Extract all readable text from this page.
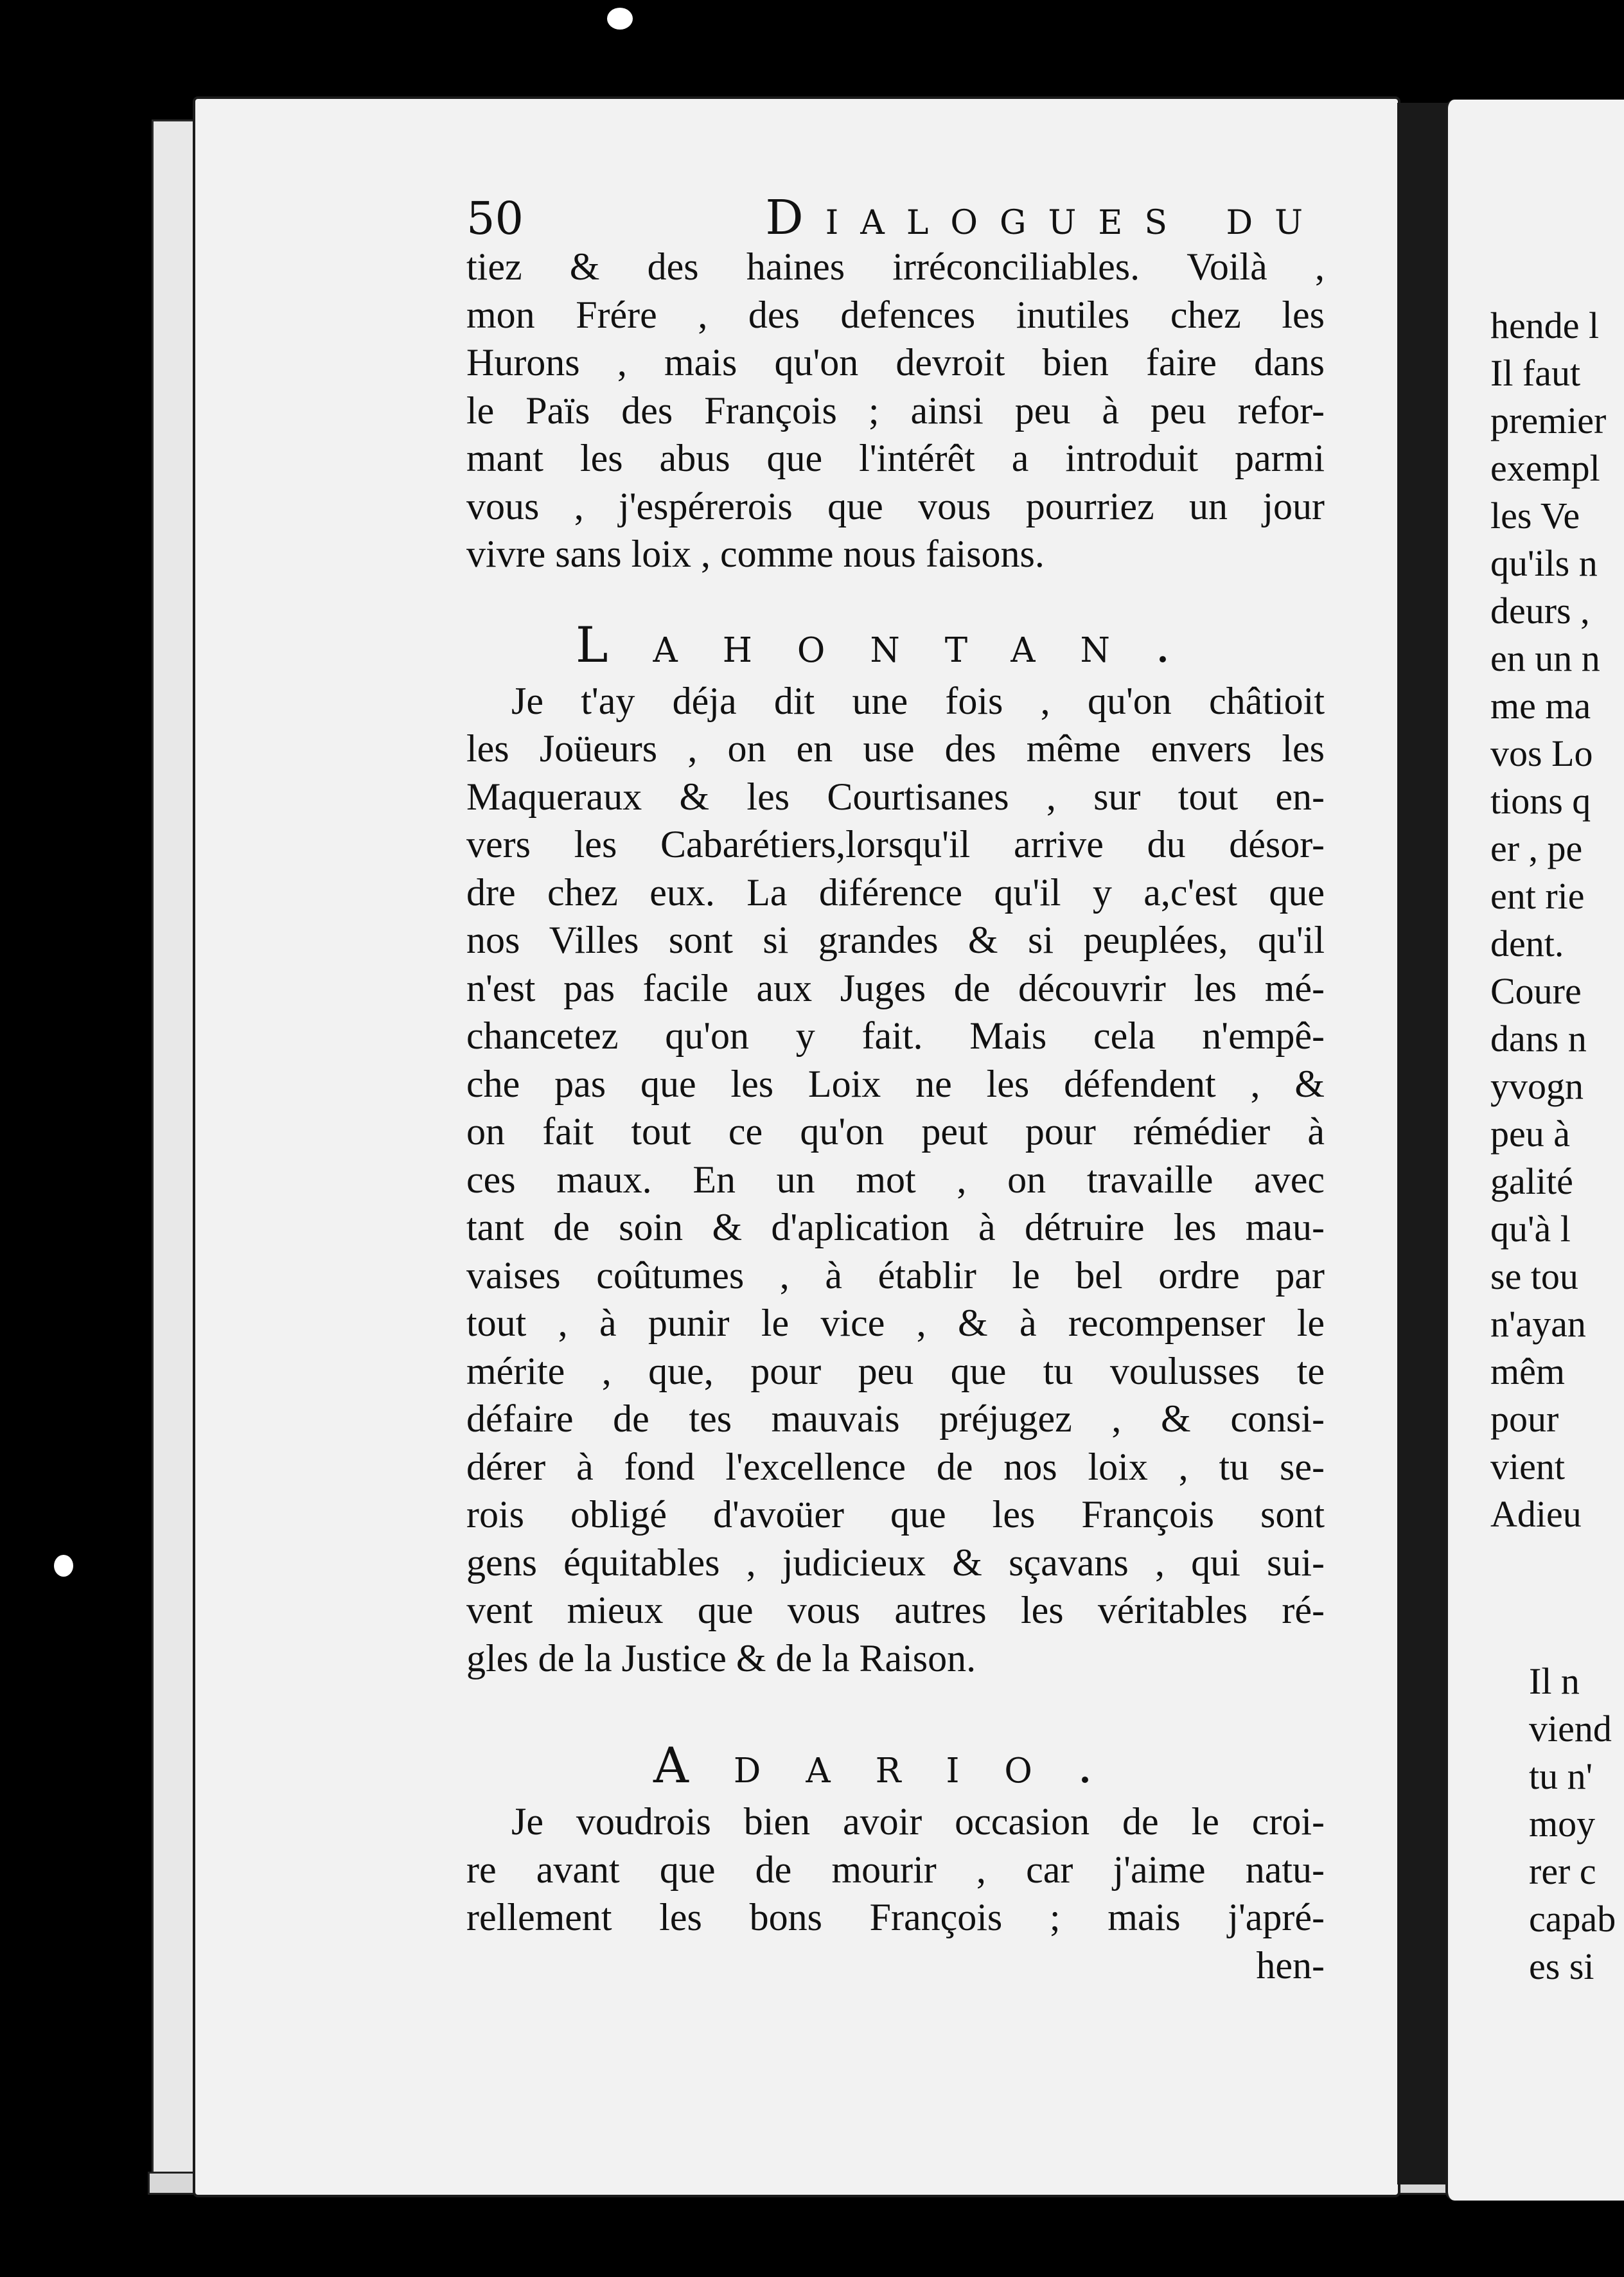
50	Dialogues du
tiez & des haines irréconciliables. Voilà ,
mon Frére , des defences inutiles chez les
Hurons , mais qu'on devroit bien faire dans
le Païs des François ; ainsi peu à peu refor-
mant les abus que l'intérêt a introduit parmi
vous , j'espérerois que vous pourriez un jour
vivre sans loix , comme nous faisons.
Lahontan.
Je t'ay déja dit une fois , qu'on châtioit
les Joüeurs , on en use des même envers les
Maqueraux & les Courtisanes , sur tout en-
vers les Cabarétiers,lorsqu'il arrive du désor-
dre chez eux. La diférence qu'il y a,c'est que
nos Villes sont si grandes & si peuplées, qu'il
n'est pas facile aux Juges de découvrir les mé-
chancetez qu'on y fait. Mais cela n'empê-
che pas que les Loix ne les défendent , &
on fait tout ce qu'on peut pour rémédier à
ces maux. En un mot , on travaille avec
tant de soin & d'aplication à détruire les mau-
vaises coûtumes , à établir le bel ordre par
tout , à punir le vice , & à recompenser le
mérite , que, pour peu que tu voulusses te
défaire de tes mauvais préjugez , & consi-
dérer à fond l'excellence de nos loix , tu se-
rois obligé d'avoüer que les François sont
gens équitables , judicieux & sçavans , qui sui-
vent mieux que vous autres les véritables ré-
gles de la Justice & de la Raison.
Adario.
Je voudrois bien avoir occasion de le croi-
re avant que de mourir , car j'aime natu-
rellement les bons François ; mais j'apré-
hen-
hende l
Il faut
premier
exempl
les Ve
qu'ils n
deurs ,
en un n
me ma
vos Lo
tions q
er , pe
ent rie
dent.
Coure
dans n
yvogn
peu à
galité
qu'à l
se tou
n'ayan
mêm
pour
vient
Adieu
Il n
viend
tu n'
moy
rer c
capab
es si
